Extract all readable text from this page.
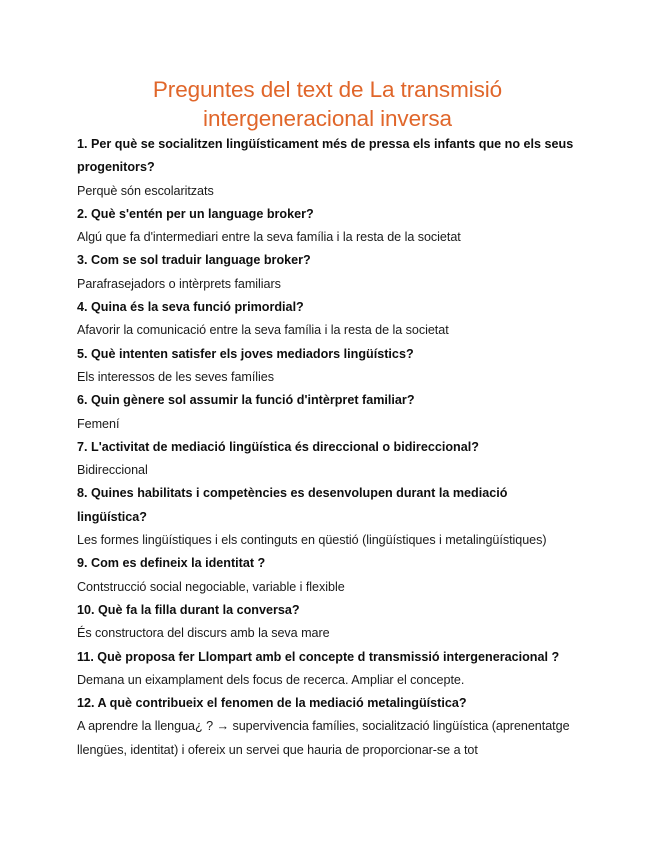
Preguntes del text de La transmisió
intergeneracional inversa

1. Per què se socialitzen lingüísticament més de pressa els infants que no els seus progenitors?

Perquè són escolaritzats

2. Què s'entén per un language broker?

Algú que fa d'intermediari entre la seva família i la resta de la societat

3. Com se sol traduir language broker?

Parafrasejadors o intèrprets familiars

4. Quina és la seva funció primordial?

Afavorir la comunicació entre la seva família i la resta de la societat

5. Què intenten satisfer els joves mediadors lingüístics?

Els interessos de les seves famílies

6. Quin gènere sol assumir la funció d'intèrpret familiar?

Femení

7. L'activitat de mediació lingüística és direccional o bidireccional?

Bidireccional

8. Quines habilitats i competències es desenvolupen durant la mediació lingüística?

Les formes lingüístiques i els continguts en qüestió (lingüístiques i metalingüístiques)

9. Com es defineix la identitat ?

Contstrucció social negociable, variable i flexible

10. Què fa la filla durant la conversa?

És constructora del discurs amb la seva mare

11. Què proposa fer Llompart amb el concepte d transmissió intergeneracional ?

Demana un eixamplament dels focus de recerca. Ampliar el concepte.

12. A què contribueix el fenomen de la mediació metalingüística?

A aprendre la llengua¿ ? → supervivencia famílies, socialització lingüística (aprenentatge llengües, identitat) i ofereix un servei que hauria de proporcionar-se a tot
